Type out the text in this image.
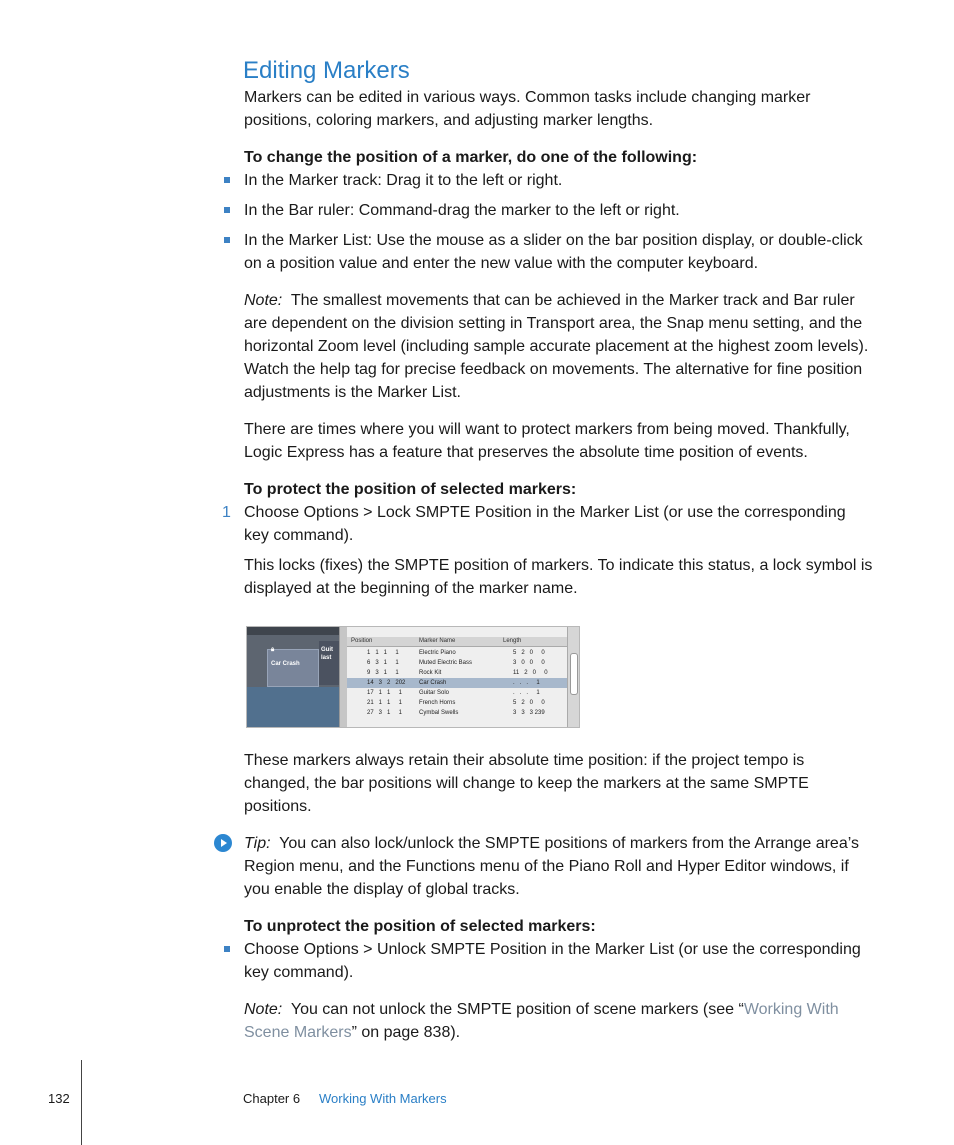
Editing Markers

Markers can be edited in various ways. Common tasks include changing marker positions, coloring markers, and adjusting marker lengths.

To change the position of a marker, do one of the following:

In the Marker track: Drag it to the left or right.

In the Bar ruler: Command-drag the marker to the left or right.

In the Marker List: Use the mouse as a slider on the bar position display, or double-click on a position value and enter the new value with the computer keyboard.

Note: The smallest movements that can be achieved in the Marker track and Bar ruler are dependent on the division setting in Transport area, the Snap menu setting, and the horizontal Zoom level (including sample accurate placement at the highest zoom levels). Watch the help tag for precise feedback on movements. The alternative for fine position adjustments is the Marker List.

There are times where you will want to protect markers from being moved. Thankfully, Logic Express has a feature that preserves the absolute time position of events.

To protect the position of selected markers:

1 Choose Options > Lock SMPTE Position in the Marker List (or use the corresponding key command).

This locks (fixes) the SMPTE position of markers. To indicate this status, a lock symbol is displayed at the beginning of the marker name.

🔒︎
Car Crash
Guit
last
Position	Marker Name	Length
1   1   1     1	Electric Piano	5   2   0     0
6   3   1     1	Muted Electric Bass	3   0   0     0
9   3   1     1	Rock Kit	11   2   0     0
14   3   2   202 Car Crash	.   .   .     1
17   1   1     1	Guitar Solo	.   .   .     1
21   1   1     1	French Horns	5   2   0     0
27   3   1     1	Cymbal Swells	3   3   3 239

These markers always retain their absolute time position: if the project tempo is changed, the bar positions will change to keep the markers at the same SMPTE positions.

Tip: You can also lock/unlock the SMPTE positions of markers from the Arrange area’s Region menu, and the Functions menu of the Piano Roll and Hyper Editor windows, if you enable the display of global tracks.

To unprotect the position of selected markers:

Choose Options > Unlock SMPTE Position in the Marker List (or use the corresponding key command).

Note: You can not unlock the SMPTE position of scene markers (see “Working With Scene Markers” on page 838).

132	Chapter 6 Working With Markers
